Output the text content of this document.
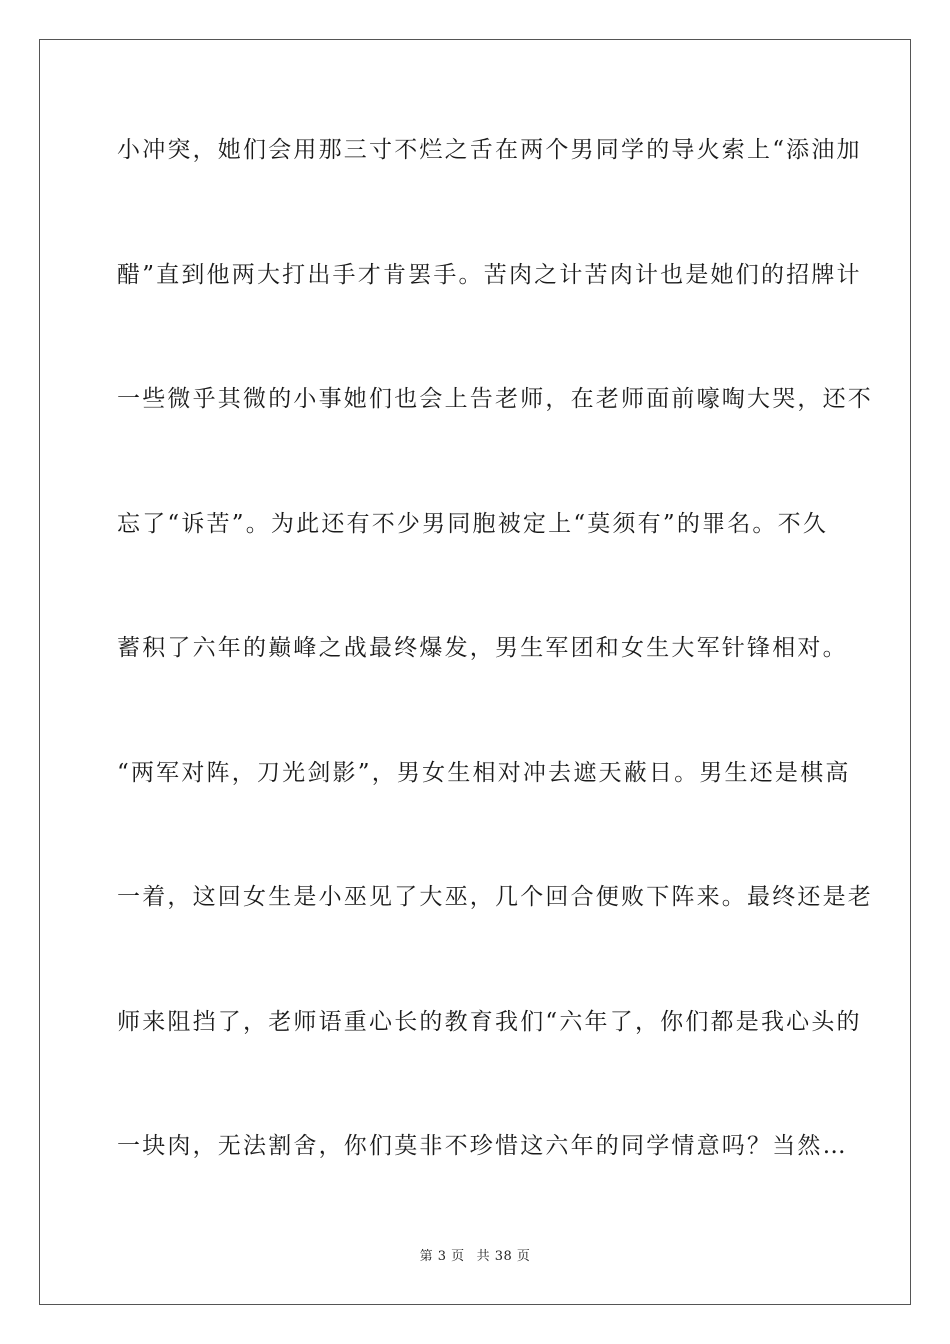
小冲突，她们会用那三寸不烂之舌在两个男同学的导火索上“添油加
醋”直到他两大打出手才肯罢手。苦肉之计苦肉计也是她们的招牌计
一些微乎其微的小事她们也会上告老师，在老师面前嚎啕大哭，还不
忘了“诉苦”。为此还有不少男同胞被定上“莫须有”的罪名。不久
蓄积了六年的巅峰之战最终爆发，男生军团和女生大军针锋相对。
“两军对阵，刀光剑影”，男女生相对冲去遮天蔽日。男生还是棋高
一着，这回女生是小巫见了大巫，几个回合便败下阵来。最终还是老
师来阻挡了，老师语重心长的教育我们“六年了，你们都是我心头的
一块肉，无法割舍，你们莫非不珍惜这六年的同学情意吗？当然…
第 3 页 共 38 页
